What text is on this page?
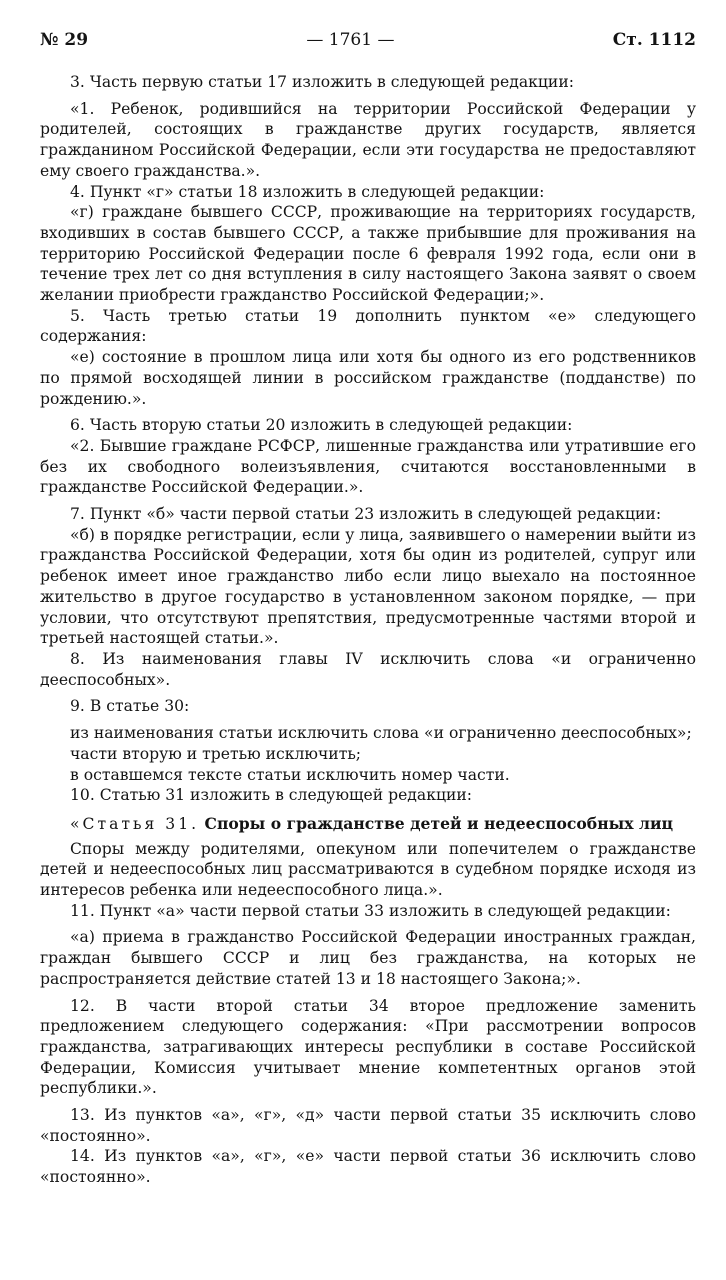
№ 29	— 1761 —	Ст. 1112

3. Часть первую статьи 17 изложить в следующей редакции:

«1. Ребенок, родившийся на территории Российской Федерации у родителей, состоящих в гражданстве других государств, является гражданином Российской Федерации, если эти государства не предоставляют ему своего гражданства.».

4. Пункт «г» статьи 18 изложить в следующей редакции:

«г) граждане бывшего СССР, проживающие на территориях государств, входивших в состав бывшего СССР, а также прибывшие для проживания на территорию Российской Федерации после 6 февраля 1992 года, если они в течение трех лет со дня вступления в силу настоящего Закона заявят о своем желании приобрести гражданство Российской Федерации;».

5. Часть третью статьи 19 дополнить пунктом «е» следующего содержания:

«е) состояние в прошлом лица или хотя бы одного из его родственников по прямой восходящей линии в российском гражданстве (подданстве) по рождению.».

6. Часть вторую статьи 20 изложить в следующей редакции:

«2. Бывшие граждане РСФСР, лишенные гражданства или утратившие его без их свободного волеизъявления, считаются восстановленными в гражданстве Российской Федерации.».

7. Пункт «б» части первой статьи 23 изложить в следующей редакции:

«б) в порядке регистрации, если у лица, заявившего о намерении выйти из гражданства Российской Федерации, хотя бы один из родителей, супруг или ребенок имеет иное гражданство либо если лицо выехало на постоянное жительство в другое государство в установленном законом порядке, — при условии, что отсутствуют препятствия, предусмотренные частями второй и третьей настоящей статьи.».

8. Из наименования главы IV исключить слова «и ограниченно дееспособных».

9. В статье 30:

из наименования статьи исключить слова «и ограниченно дееспособных»;

части вторую и третью исключить;

в оставшемся тексте статьи исключить номер части.

10. Статью 31 изложить в следующей редакции:

«Статья 31. Споры о гражданстве детей и недееспособных лиц

Споры между родителями, опекуном или попечителем о гражданстве детей и недееспособных лиц рассматриваются в судебном порядке исходя из интересов ребенка или недееспособного лица.».

11. Пункт «а» части первой статьи 33 изложить в следующей редакции:

«а) приема в гражданство Российской Федерации иностранных граждан, граждан бывшего СССР и лиц без гражданства, на которых не распространяется действие статей 13 и 18 настоящего Закона;».

12. В части второй статьи 34 второе предложение заменить предложением следующего содержания: «При рассмотрении вопросов гражданства, затрагивающих интересы республики в составе Российской Федерации, Комиссия учитывает мнение компетентных органов этой республики.».

13. Из пунктов «а», «г», «д» части первой статьи 35 исключить слово «постоянно».

14. Из пунктов «а», «г», «е» части первой статьи 36 исключить слово «постоянно».
